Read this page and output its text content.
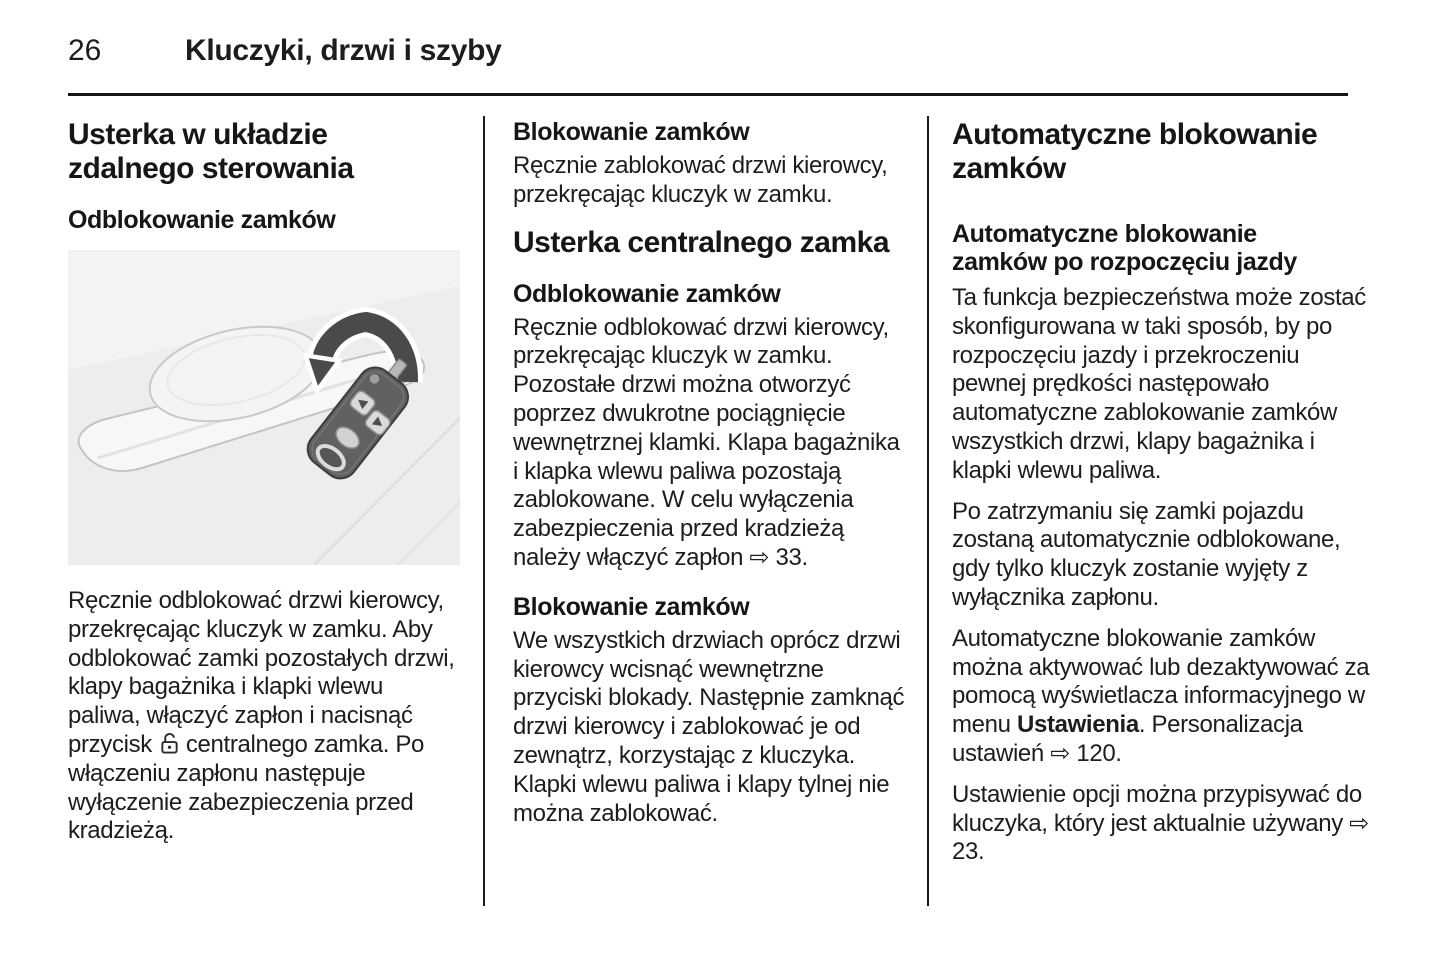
26	Kluczyki, drzwi i szyby
Usterka w układzie zdalnego sterowania
Odblokowanie zamków

Ręcznie odblokować drzwi kierowcy, przekręcając kluczyk w zamku. Aby odblokować zamki pozostałych drzwi, klapy bagażnika i klapki wlewu paliwa, włączyć zapłon i nacisnąć przycisk centralnego zamka. Po włączeniu zapłonu następuje wyłączenie zabezpieczenia przed kradzieżą.

Blokowanie zamków

Ręcznie zablokować drzwi kierowcy, przekręcając kluczyk w zamku.

Usterka centralnego zamka
Odblokowanie zamków

Ręcznie odblokować drzwi kierowcy, przekręcając kluczyk w zamku. Pozostałe drzwi można otworzyć poprzez dwukrotne pociągnięcie wewnętrznej klamki. Klapa bagażnika i klapka wlewu paliwa pozostają zablokowane. W celu wyłączenia zabezpieczenia przed kradzieżą należy włączyć zapłon ⇨ 33.

Blokowanie zamków

We wszystkich drzwiach oprócz drzwi kierowcy wcisnąć wewnętrzne przyciski blokady. Następnie zamknąć drzwi kierowcy i zablokować je od zewnątrz, korzystając z kluczyka. Klapki wlewu paliwa i klapy tylnej nie można zablokować.

Automatyczne blokowanie zamków
Automatyczne blokowanie zamków po rozpoczęciu jazdy

Ta funkcja bezpieczeństwa może zostać skonfigurowana w taki sposób, by po rozpoczęciu jazdy i przekroczeniu pewnej prędkości następowało automatyczne zablokowanie zamków wszystkich drzwi, klapy bagażnika i klapki wlewu paliwa.

Po zatrzymaniu się zamki pojazdu zostaną automatycznie odblokowane, gdy tylko kluczyk zostanie wyjęty z wyłącznika zapłonu.

Automatyczne blokowanie zamków można aktywować lub dezaktywować za pomocą wyświetlacza informacyjnego w menu Ustawienia. Personalizacja ustawień ⇨ 120.

Ustawienie opcji można przypisywać do kluczyka, który jest aktualnie używany ⇨ 23.
